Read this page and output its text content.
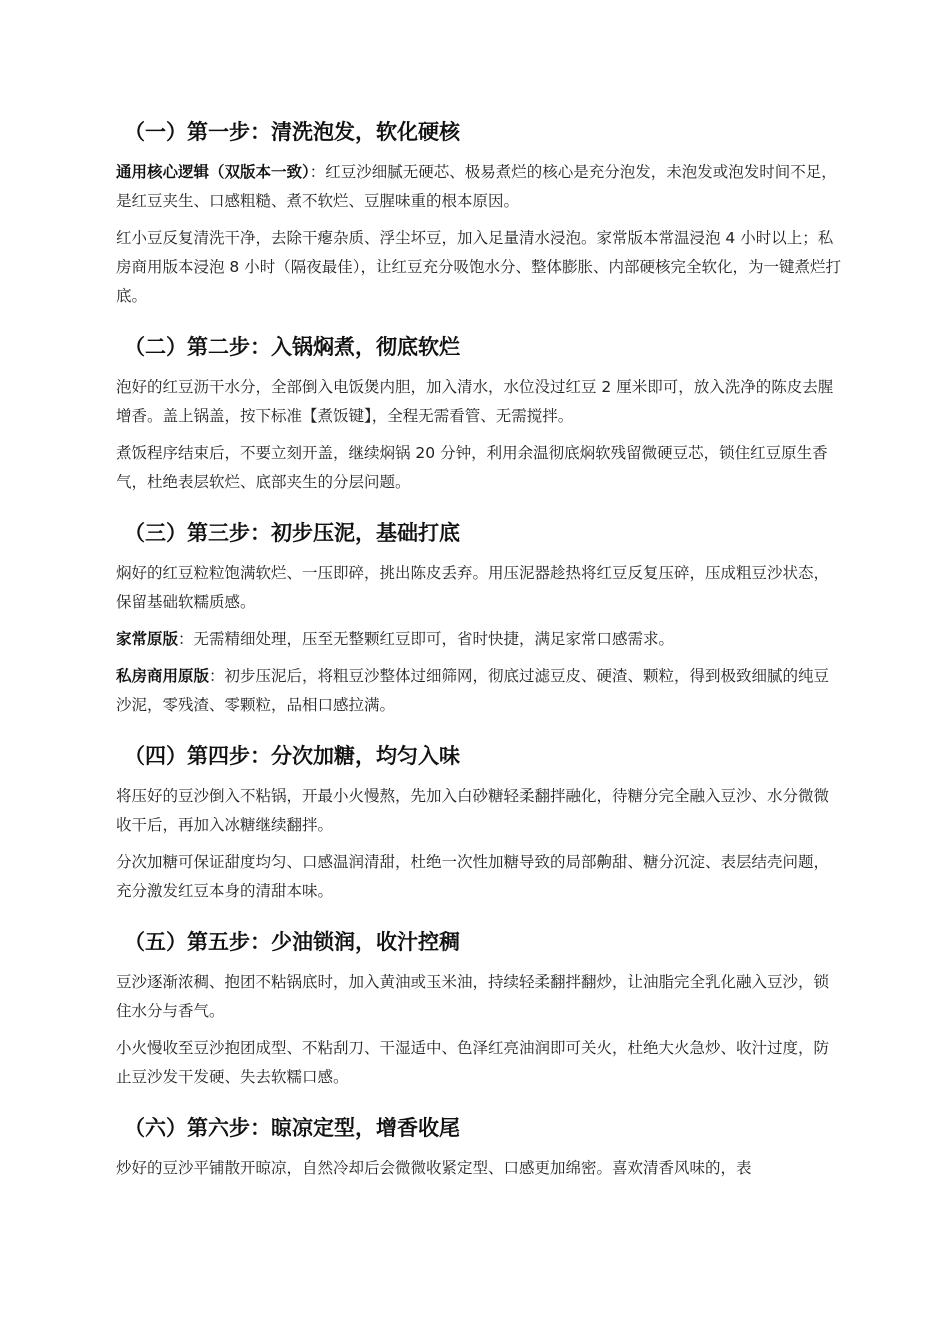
（一）第一步：清洗泡发，软化硬核

通用核心逻辑（双版本一致）：红豆沙细腻无硬芯、极易煮烂的核心是充分泡发，未泡发或泡发时间不足，是红豆夹生、口感粗糙、煮不软烂、豆腥味重的根本原因。

红小豆反复清洗干净，去除干瘪杂质、浮尘坏豆，加入足量清水浸泡。家常版本常温浸泡 4 小时以上；私房商用版本浸泡 8 小时（隔夜最佳），让红豆充分吸饱水分、整体膨胀、内部硬核完全软化，为一键煮烂打底。

（二）第二步：入锅焖煮，彻底软烂

泡好的红豆沥干水分，全部倒入电饭煲内胆，加入清水，水位没过红豆 2 厘米即可，放入洗净的陈皮去腥增香。盖上锅盖，按下标准【煮饭键】，全程无需看管、无需搅拌。

煮饭程序结束后，不要立刻开盖，继续焖锅 20 分钟，利用余温彻底焖软残留微硬豆芯，锁住红豆原生香气，杜绝表层软烂、底部夹生的分层问题。

（三）第三步：初步压泥，基础打底

焖好的红豆粒粒饱满软烂、一压即碎，挑出陈皮丢弃。用压泥器趁热将红豆反复压碎，压成粗豆沙状态，保留基础软糯质感。

家常原版：无需精细处理，压至无整颗红豆即可，省时快捷，满足家常口感需求。

私房商用原版：初步压泥后，将粗豆沙整体过细筛网，彻底过滤豆皮、硬渣、颗粒，得到极致细腻的纯豆沙泥，零残渣、零颗粒，品相口感拉满。

（四）第四步：分次加糖，均匀入味

将压好的豆沙倒入不粘锅，开最小火慢熬，先加入白砂糖轻柔翻拌融化，待糖分完全融入豆沙、水分微微收干后，再加入冰糖继续翻拌。

分次加糖可保证甜度均匀、口感温润清甜，杜绝一次性加糖导致的局部齁甜、糖分沉淀、表层结壳问题，充分激发红豆本身的清甜本味。

（五）第五步：少油锁润，收汁控稠

豆沙逐渐浓稠、抱团不粘锅底时，加入黄油或玉米油，持续轻柔翻拌翻炒，让油脂完全乳化融入豆沙，锁住水分与香气。

小火慢收至豆沙抱团成型、不粘刮刀、干湿适中、色泽红亮油润即可关火，杜绝大火急炒、收汁过度，防止豆沙发干发硬、失去软糯口感。

（六）第六步：晾凉定型，增香收尾

炒好的豆沙平铺散开晾凉，自然冷却后会微微收紧定型、口感更加绵密。喜欢清香风味的，表
